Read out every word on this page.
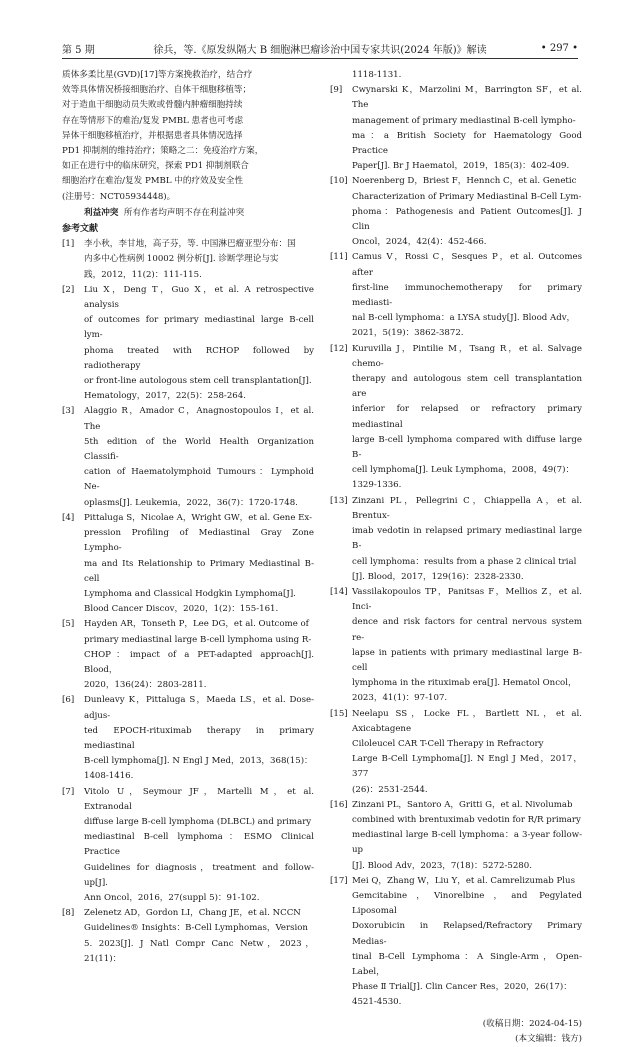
第 5 期	徐兵，等.《原发纵隔大 B 细胞淋巴瘤诊治中国专家共识(2024 年版)》解读	• 297 •
质体多柔比星(GVD)[17]等方案挽救治疗，结合疗
效等具体情况桥接细胞治疗、自体干细胞移植等；
对于造血干细胞动员失败或骨髓内肿瘤细胞持续
存在等情形下的难治/复发 PMBL 患者也可考虑
异体干细胞移植治疗，并根据患者具体情况选择
PD1 抑制剂的维持治疗；策略之二：免疫治疗方案，
如正在进行中的临床研究，探索 PD1 抑制剂联合
细胞治疗在难治/复发 PMBL 中的疗效及安全性
(注册号：NCT05934448)。
利益冲突 所有作者均声明不存在利益冲突
参考文献
[1]	李小秋，李甘地，高子芬，等. 中国淋巴瘤亚型分布：国
内多中心性病例 10002 例分析[J]. 诊断学理论与实
践，2012，11(2)：111-115.
[2]	Liu X，Deng T，Guo X，et al. A retrospective analysis
of outcomes for primary mediastinal large B-cell lym-
phoma treated with RCHOP followed by radiotherapy
or front-line autologous stem cell transplantation[J].
Hematology，2017，22(5)：258-264.
[3]	Alaggio R，Amador C，Anagnostopoulos I，et al. The
5th edition of the World Health Organization Classifi-
cation of Haematolymphoid Tumours：Lymphoid Ne-
oplasms[J]. Leukemia，2022，36(7)：1720-1748.
[4]	Pittaluga S，Nicolae A，Wright GW，et al. Gene Ex-
pression Profiling of Mediastinal Gray Zone Lympho-
ma and Its Relationship to Primary Mediastinal B-cell
Lymphoma and Classical Hodgkin Lymphoma[J].
Blood Cancer Discov，2020，1(2)：155-161.
[5]	Hayden AR，Tonseth P，Lee DG，et al. Outcome of
primary mediastinal large B-cell lymphoma using R-
CHOP：impact of a PET-adapted approach[J]. Blood，
2020，136(24)：2803-2811.
[6]	Dunleavy K，Pittaluga S，Maeda LS，et al. Dose-adjus-
ted EPOCH-rituximab therapy in primary mediastinal
B-cell lymphoma[J]. N Engl J Med，2013，368(15)：
1408-1416.
[7]	Vitolo U，Seymour JF，Martelli M，et al. Extranodal
diffuse large B-cell lymphoma (DLBCL) and primary
mediastinal B-cell lymphoma：ESMO Clinical Practice
Guidelines for diagnosis，treatment and follow-up[J].
Ann Oncol，2016，27(suppl 5)：91-102.
[8]	Zelenetz AD，Gordon LI，Chang JE，et al. NCCN
Guidelines® Insights：B-Cell Lymphomas，Version
5. 2023[J]. J Natl Compr Canc Netw，2023，21(11)：
1118-1131.
[9]	Cwynarski K，Marzolini M，Barrington SF，et al. The
management of primary mediastinal B-cell lympho-
ma：a British Society for Haematology Good Practice
Paper[J]. Br J Haematol，2019，185(3)：402-409.
[10] Noerenberg D，Briest F，Hennch C，et al. Genetic
Characterization of Primary Mediastinal B-Cell Lym-
phoma：Pathogenesis and Patient Outcomes[J]. J Clin
Oncol，2024，42(4)：452-466.
[11] Camus V，Rossi C，Sesques P，et al. Outcomes after
first-line immunochemotherapy for primary mediasti-
nal B-cell lymphoma：a LYSA study[J]. Blood Adv，
2021，5(19)：3862-3872.
[12] Kuruvilla J，Pintilie M，Tsang R，et al. Salvage chemo-
therapy and autologous stem cell transplantation are
inferior for relapsed or refractory primary mediastinal
large B-cell lymphoma compared with diffuse large B-
cell lymphoma[J]. Leuk Lymphoma，2008，49(7)：
1329-1336.
[13] Zinzani PL，Pellegrini C，Chiappella A，et al. Brentux-
imab vedotin in relapsed primary mediastinal large B-
cell lymphoma：results from a phase 2 clinical trial
[J]. Blood，2017，129(16)：2328-2330.
[14] Vassilakopoulos TP，Panitsas F，Mellios Z，et al. Inci-
dence and risk factors for central nervous system re-
lapse in patients with primary mediastinal large B-cell
lymphoma in the rituximab era[J]. Hematol Oncol，
2023，41(1)：97-107.
[15] Neelapu SS，Locke FL，Bartlett NL，et al. Axicabtagene
Ciloleucel CAR T-Cell Therapy in Refractory
Large B-Cell Lymphoma[J]. N Engl J Med，2017，377
(26)：2531-2544.
[16] Zinzani PL，Santoro A，Gritti G，et al. Nivolumab
combined with brentuximab vedotin for R/R primary
mediastinal large B-cell lymphoma：a 3-year follow-up
[J]. Blood Adv，2023，7(18)：5272-5280.
[17] Mei Q，Zhang W，Liu Y，et al. Camrelizumab Plus
Gemcitabine，Vinorelbine，and Pegylated Liposomal
Doxorubicin in Relapsed/Refractory Primary Medias-
tinal B-Cell Lymphoma：A Single-Arm，Open-Label，
Phase Ⅱ Trial[J]. Clin Cancer Res，2020，26(17)：
4521-4530.
(收稿日期：2024-04-15)
(本文编辑：钱方)
